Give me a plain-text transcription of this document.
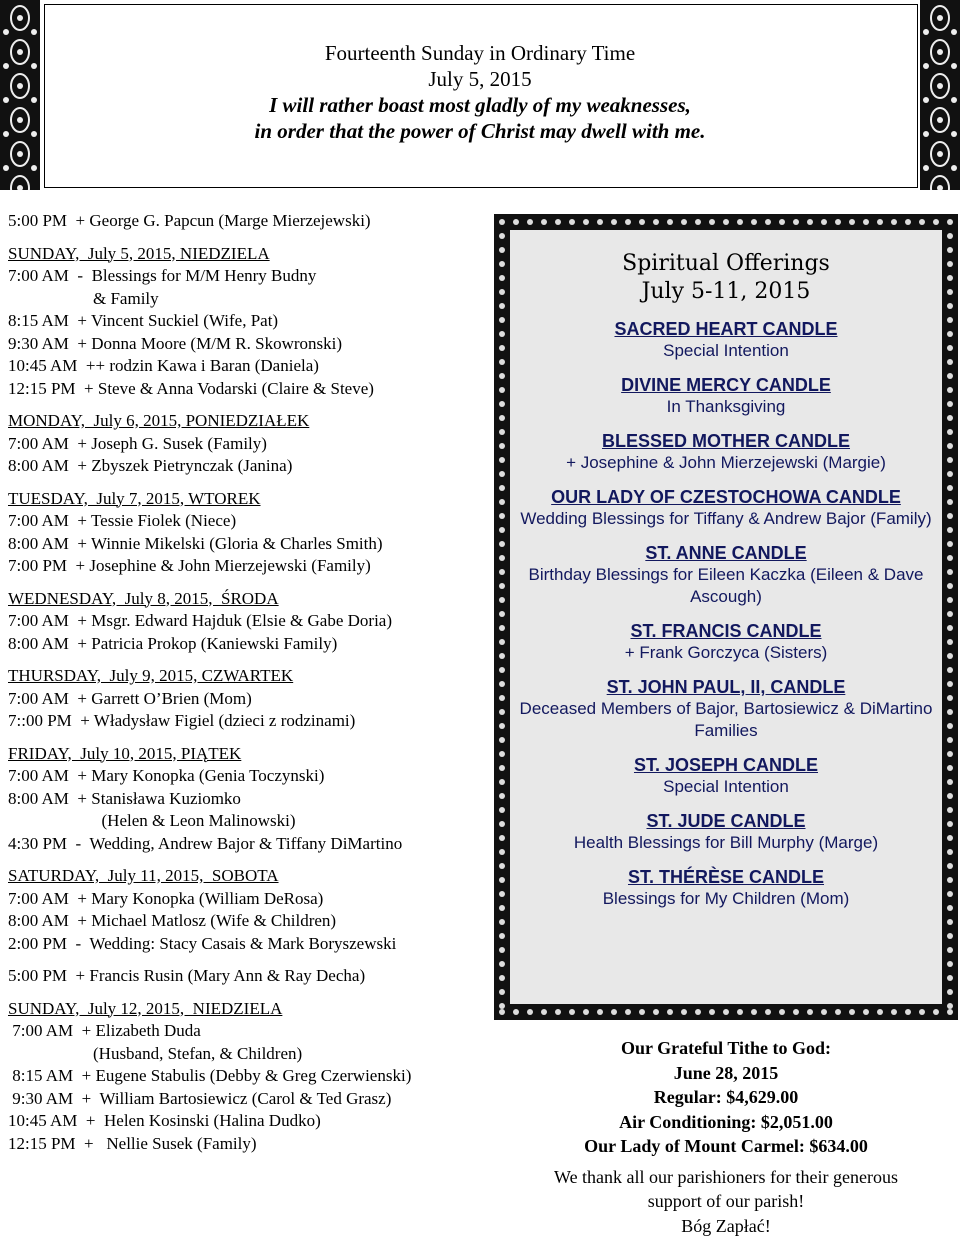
Fourteenth Sunday in Ordinary Time
July 5, 2015
I will rather boast most gladly of my weaknesses,
in order that the power of Christ may dwell with me.
5:00 PM  + George G. Papcun (Marge Mierzejewski)
SUNDAY,  July 5, 2015, NIEDZIELA
7:00 AM  -  Blessings for M/M Henry Budny
& Family
8:15 AM  + Vincent Suckiel (Wife, Pat)
9:30 AM  + Donna Moore (M/M R. Skowronski)
10:45 AM  ++ rodzin Kawa i Baran (Daniela)
12:15 PM  + Steve & Anna Vodarski (Claire & Steve)
MONDAY,  July 6, 2015, PONIEDZIAŁEK
7:00 AM  + Joseph G. Susek (Family)
8:00 AM  + Zbyszek Pietrynczak (Janina)
TUESDAY,  July 7, 2015, WTOREK
7:00 AM  + Tessie Fiolek (Niece)
8:00 AM  + Winnie Mikelski (Gloria & Charles Smith)
7:00 PM  + Josephine & John Mierzejewski (Family)
WEDNESDAY,  July 8, 2015,  ŚRODA
7:00 AM  + Msgr. Edward Hajduk (Elsie & Gabe Doria)
8:00 AM  + Patricia Prokop (Kaniewski Family)
THURSDAY,  July 9, 2015, CZWARTEK
7:00 AM  + Garrett O’Brien (Mom)
7::00 PM  + Władysław Figiel (dzieci z rodzinami)
FRIDAY,  July 10, 2015, PIĄTEK
7:00 AM  + Mary Konopka (Genia Toczynski)
8:00 AM  + Stanisława Kuziomko
(Helen & Leon Malinowski)
4:30 PM  -  Wedding, Andrew Bajor & Tiffany DiMartino
SATURDAY,  July 11, 2015,  SOBOTA
7:00 AM  + Mary Konopka (William DeRosa)
8:00 AM  + Michael Matlosz (Wife & Children)
2:00 PM  -  Wedding: Stacy Casais & Mark Boryszewski
5:00 PM  + Francis Rusin (Mary Ann & Ray Decha)
SUNDAY,  July 12, 2015,  NIEDZIELA
7:00 AM  + Elizabeth Duda
(Husband, Stefan, & Children)
8:15 AM  + Eugene Stabulis (Debby & Greg Czerwienski)
9:30 AM  +  William Bartosiewicz (Carol & Ted Grasz)
10:45 AM  +  Helen Kosinski (Halina Dudko)
12:15 PM  +   Nellie Susek (Family)
Spiritual Offerings
July 5-11, 2015
SACRED HEART CANDLE
Special Intention
DIVINE MERCY CANDLE
In Thanksgiving
BLESSED MOTHER CANDLE
+ Josephine & John Mierzejewski (Margie)
OUR LADY OF CZESTOCHOWA CANDLE
Wedding Blessings for Tiffany & Andrew Bajor (Family)
ST. ANNE CANDLE
Birthday Blessings for Eileen Kaczka (Eileen & Dave Ascough)
ST. FRANCIS CANDLE
+ Frank Gorczyca (Sisters)
ST. JOHN PAUL, II, CANDLE
Deceased Members of Bajor, Bartosiewicz & DiMartino Families
ST. JOSEPH CANDLE
Special Intention
ST. JUDE CANDLE
Health Blessings for Bill Murphy (Marge)
ST. THÉRÈSE CANDLE
Blessings for My Children (Mom)
Our Grateful Tithe to God:
June 28, 2015
Regular: $4,629.00
Air Conditioning: $2,051.00
Our Lady of Mount Carmel: $634.00
We thank all our parishioners for their generous
support of our parish!
Bóg Zapłać!
